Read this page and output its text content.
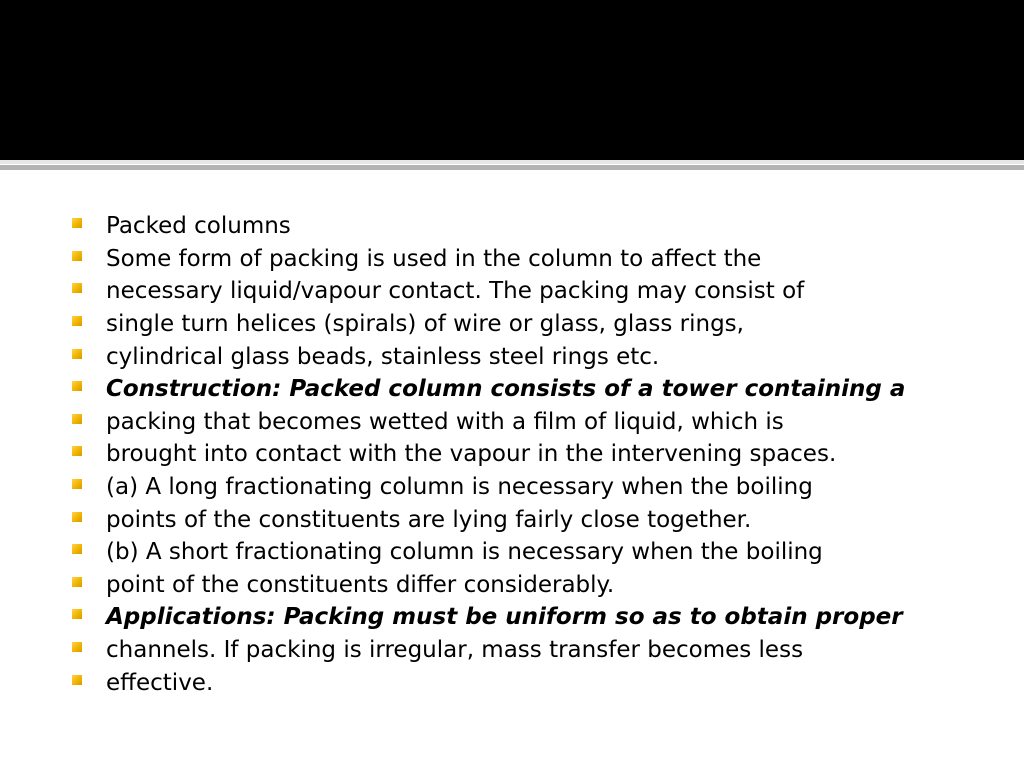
Packed columns
Some form of packing is used in the column to affect the
necessary liquid/vapour contact. The packing may consist of
single turn helices (spirals) of wire or glass, glass rings,
cylindrical glass beads, stainless steel rings etc.
Construction: Packed column consists of a tower containing a
packing that becomes wetted with a film of liquid, which is
brought into contact with the vapour in the intervening spaces.
(a) A long fractionating column is necessary when the boiling
points of the constituents are lying fairly close together.
(b) A short fractionating column is necessary when the boiling
point of the constituents differ considerably.
Applications: Packing must be uniform so as to obtain proper
channels. If packing is irregular, mass transfer becomes less
effective.
